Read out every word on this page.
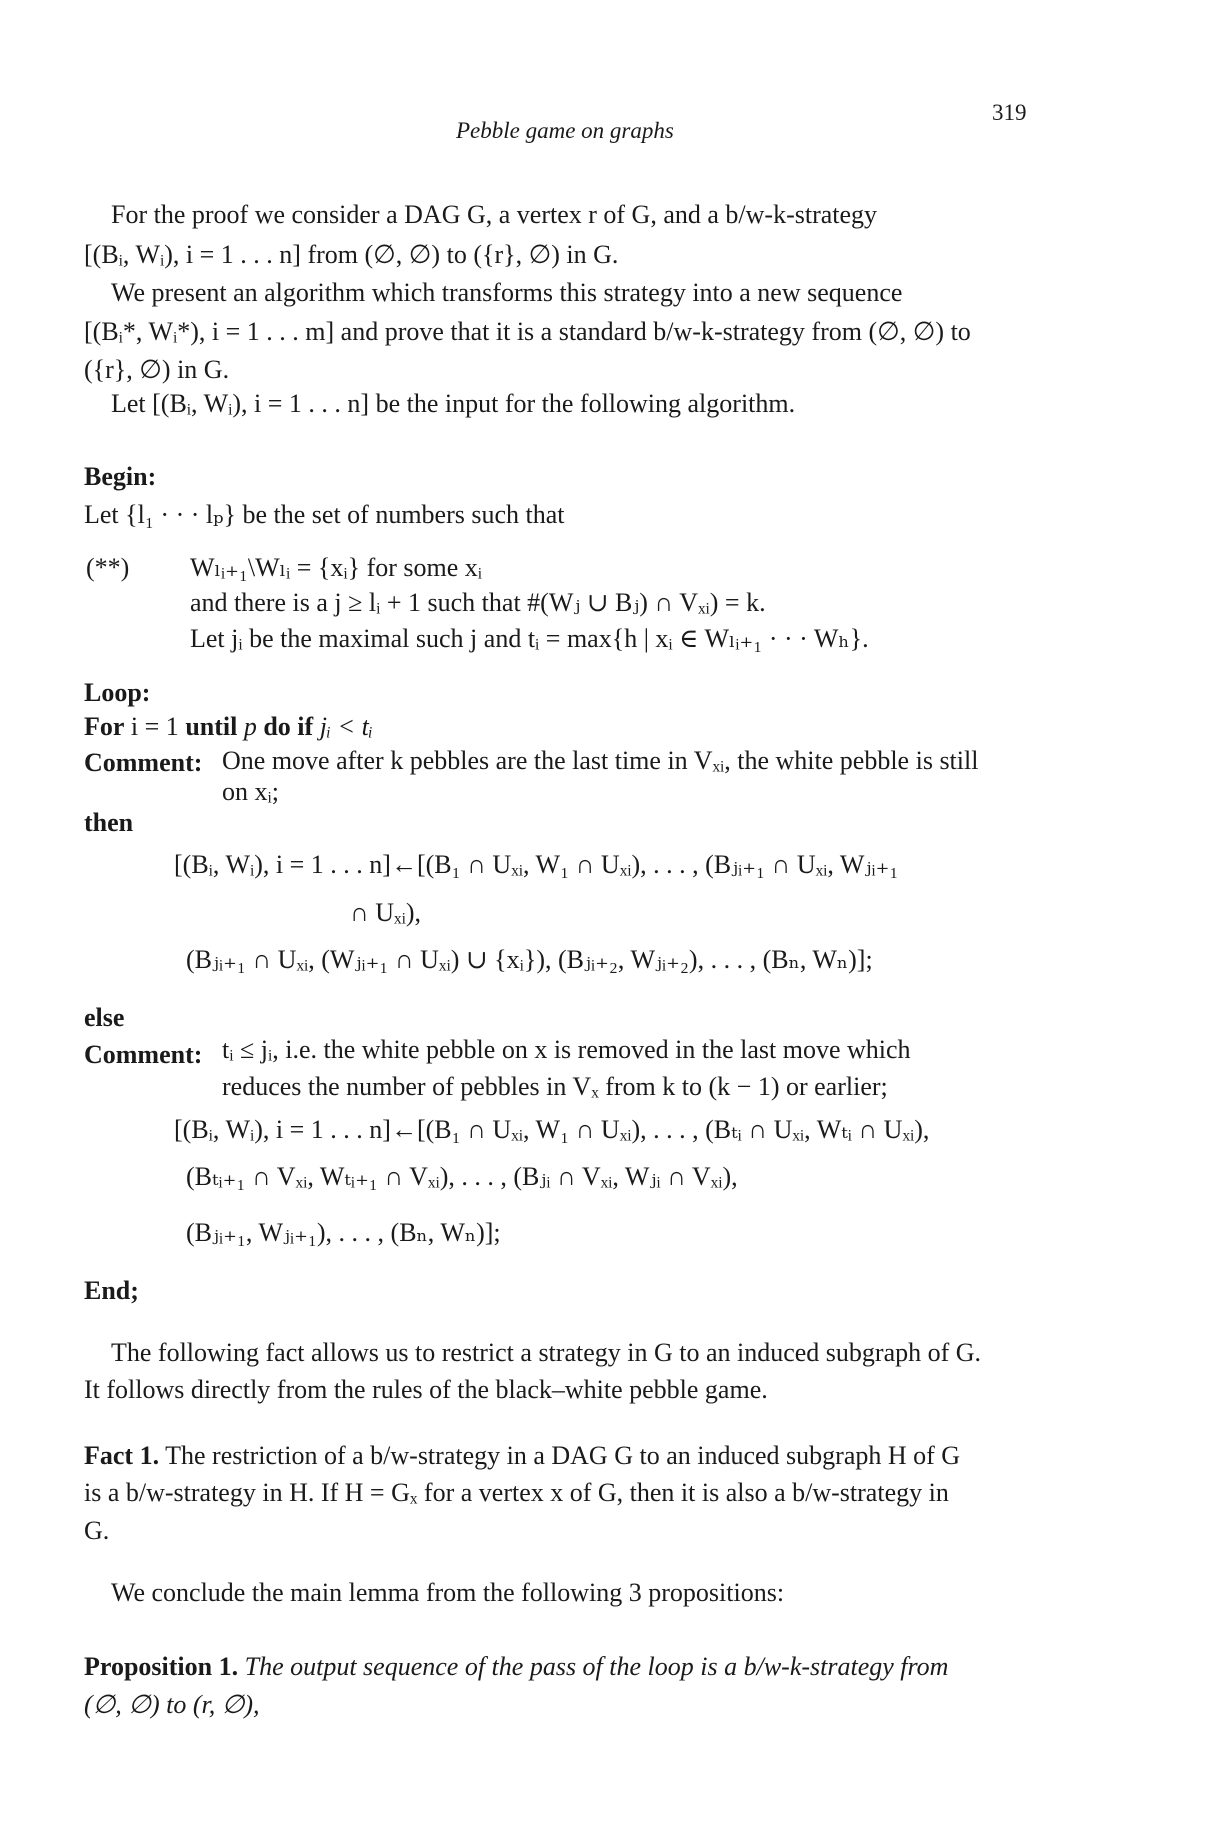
Pebble game on graphs
319
For the proof we consider a DAG G, a vertex r of G, and a b/w-k-strategy
[(Bᵢ, Wᵢ), i = 1 . . . n] from (∅, ∅) to ({r}, ∅) in G.
We present an algorithm which transforms this strategy into a new sequence
[(Bᵢ*, Wᵢ*), i = 1 . . . m] and prove that it is a standard b/w-k-strategy from (∅, ∅) to
({r}, ∅) in G.
Let [(Bᵢ, Wᵢ), i = 1 . . . n] be the input for the following algorithm.
Begin:
Let {l₁ · · · lₚ} be the set of numbers such that
(**) Wₗᵢ₊₁\Wₗᵢ = {xᵢ} for some xᵢ
and there is a j ≥ lᵢ + 1 such that #(Wⱼ ∪ Bⱼ) ∩ Vₓᵢ) = k.
Let jᵢ be the maximal such j and tᵢ = max{h | xᵢ ∈ Wₗᵢ₊₁ · · · Wₕ}.
Loop:
For i = 1 until p do if jᵢ < tᵢ
Comment: One move after k pebbles are the last time in Vₓᵢ, the white pebble is still
on xᵢ;
then
[(Bᵢ, Wᵢ), i = 1 . . . n]←[(B₁ ∩ Uₓᵢ, W₁ ∩ Uₓᵢ), . . . , (Bⱼᵢ₊₁ ∩ Uₓᵢ, Wⱼᵢ₊₁
∩ Uₓᵢ),
(Bⱼᵢ₊₁ ∩ Uₓᵢ, (Wⱼᵢ₊₁ ∩ Uₓᵢ) ∪ {xᵢ}), (Bⱼᵢ₊₂, Wⱼᵢ₊₂), . . . , (Bₙ, Wₙ)];
else
Comment: tᵢ ≤ jᵢ, i.e. the white pebble on x is removed in the last move which
reduces the number of pebbles in Vₓ from k to (k − 1) or earlier;
[(Bᵢ, Wᵢ), i = 1 . . . n]←[(B₁ ∩ Uₓᵢ, W₁ ∩ Uₓᵢ), . . . , (Bₜᵢ ∩ Uₓᵢ, Wₜᵢ ∩ Uₓᵢ),
(Bₜᵢ₊₁ ∩ Vₓᵢ, Wₜᵢ₊₁ ∩ Vₓᵢ), . . . , (Bⱼᵢ ∩ Vₓᵢ, Wⱼᵢ ∩ Vₓᵢ),
(Bⱼᵢ₊₁, Wⱼᵢ₊₁), . . . , (Bₙ, Wₙ)];
End;
The following fact allows us to restrict a strategy in G to an induced subgraph of G.
It follows directly from the rules of the black–white pebble game.
Fact 1. The restriction of a b/w-strategy in a DAG G to an induced subgraph H of G
is a b/w-strategy in H. If H = Gₓ for a vertex x of G, then it is also a b/w-strategy in
G.
We conclude the main lemma from the following 3 propositions:
Proposition 1. The output sequence of the pass of the loop is a b/w-k-strategy from
(∅, ∅) to (r, ∅),
